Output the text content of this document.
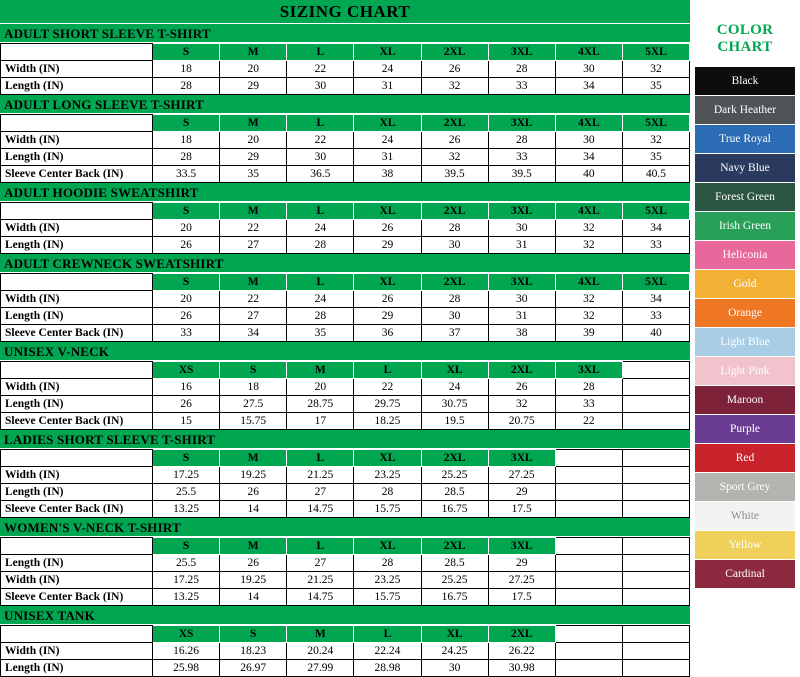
SIZING CHART
ADULT SHORT SLEEVE T-SHIRT
	S	M	L	XL	2XL	3XL	4XL	5XL
Width (IN)	18	20	22	24	26	28	30	32
Length (IN)	28	29	30	31	32	33	34	35
ADULT LONG SLEEVE T-SHIRT
	S	M	L	XL	2XL	3XL	4XL	5XL
Width (IN)	18	20	22	24	26	28	30	32
Length (IN)	28	29	30	31	32	33	34	35
Sleeve Center Back (IN)	33.5	35	36.5	38	39.5	39.5	40	40.5
ADULT HOODIE SWEATSHIRT
	S	M	L	XL	2XL	3XL	4XL	5XL
Width (IN)	20	22	24	26	28	30	32	34
Length (IN)	26	27	28	29	30	31	32	33
ADULT CREWNECK SWEATSHIRT
	S	M	L	XL	2XL	3XL	4XL	5XL
Width (IN)	20	22	24	26	28	30	32	34
Length (IN)	26	27	28	29	30	31	32	33
Sleeve Center Back (IN)	33	34	35	36	37	38	39	40
UNISEX V-NECK
	XS	S	M	L	XL	2XL	3XL	
Width (IN)	16	18	20	22	24	26	28	
Length (IN)	26	27.5	28.75	29.75	30.75	32	33	
Sleeve Center Back (IN)	15	15.75	17	18.25	19.5	20.75	22	
LADIES SHORT SLEEVE T-SHIRT
	S	M	L	XL	2XL	3XL		
Width (IN)	17.25	19.25	21.25	23.25	25.25	27.25		
Length (IN)	25.5	26	27	28	28.5	29		
Sleeve Center Back (IN)	13.25	14	14.75	15.75	16.75	17.5		
WOMEN'S V-NECK T-SHIRT
	S	M	L	XL	2XL	3XL		
Length (IN)	25.5	26	27	28	28.5	29		
Width (IN)	17.25	19.25	21.25	23.25	25.25	27.25		
Sleeve Center Back (IN)	13.25	14	14.75	15.75	16.75	17.5		
UNISEX TANK
	XS	S	M	L	XL	2XL		
Width (IN)	16.26	18.23	20.24	22.24	24.25	26.22		
Length (IN)	25.98	26.97	27.99	28.98	30	30.98		
COLOR CHART
Black
Dark Heather
True Royal
Navy Blue
Forest Green
Irish Green
Heliconia
Gold
Orange
Light Blue
Light Pink
Maroon
Purple
Red
Sport Grey
White
Yellow
Cardinal
